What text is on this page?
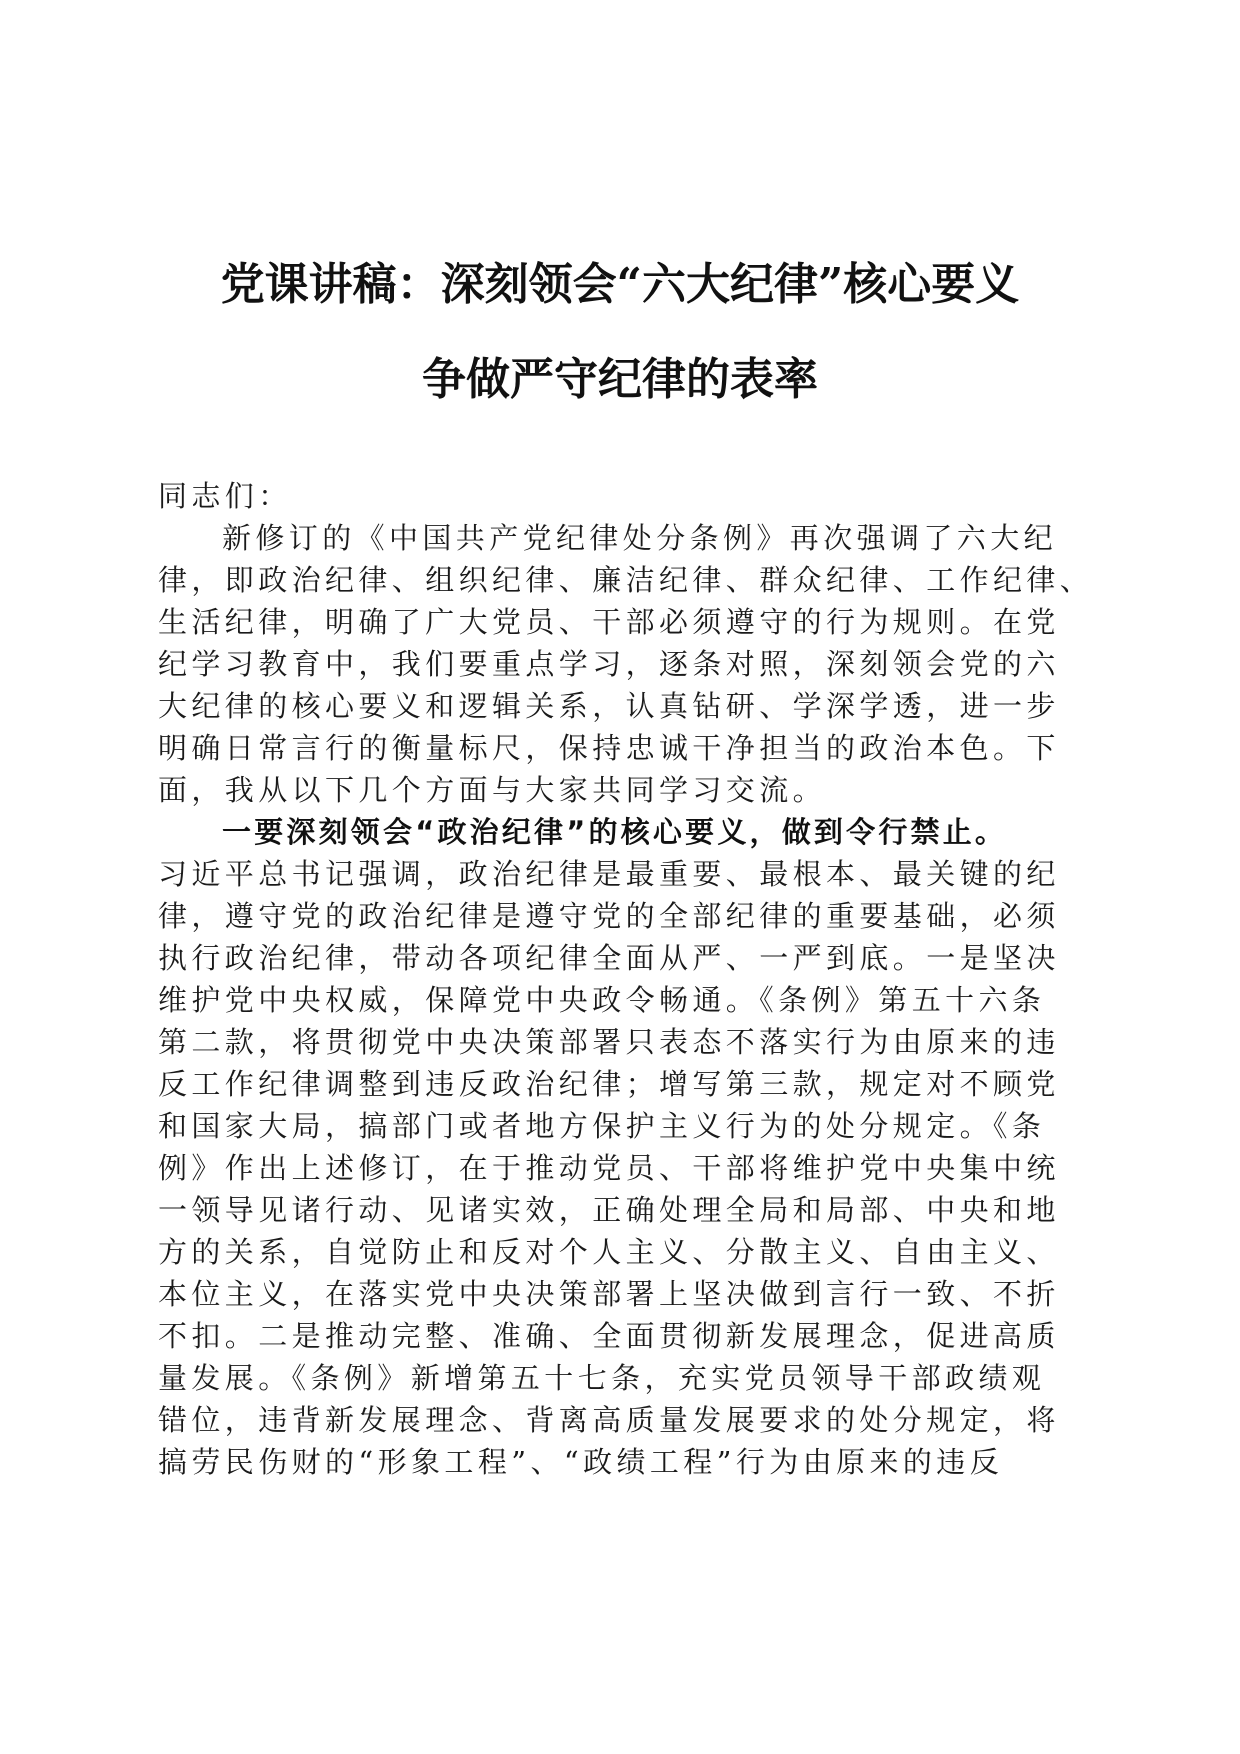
党课讲稿：深刻领会“六大纪律”核心要义
争做严守纪律的表率
同志们：
新修订的《中国共产党纪律处分条例》再次强调了六大纪
律，即政治纪律、组织纪律、廉洁纪律、群众纪律、工作纪律、
生活纪律，明确了广大党员、干部必须遵守的行为规则。在党
纪学习教育中，我们要重点学习，逐条对照，深刻领会党的六
大纪律的核心要义和逻辑关系，认真钻研、学深学透，进一步
明确日常言行的衡量标尺，保持忠诚干净担当的政治本色。下
面，我从以下几个方面与大家共同学习交流。
一要深刻领会“政治纪律”的核心要义，做到令行禁止。
习近平总书记强调，政治纪律是最重要、最根本、最关键的纪
律，遵守党的政治纪律是遵守党的全部纪律的重要基础，必须
执行政治纪律，带动各项纪律全面从严、一严到底。一是坚决
维护党中央权威，保障党中央政令畅通。《条例》第五十六条
第二款，将贯彻党中央决策部署只表态不落实行为由原来的违
反工作纪律调整到违反政治纪律；增写第三款，规定对不顾党
和国家大局，搞部门或者地方保护主义行为的处分规定。《条
例》作出上述修订，在于推动党员、干部将维护党中央集中统
一领导见诸行动、见诸实效，正确处理全局和局部、中央和地
方的关系，自觉防止和反对个人主义、分散主义、自由主义、
本位主义，在落实党中央决策部署上坚决做到言行一致、不折
不扣。二是推动完整、准确、全面贯彻新发展理念，促进高质
量发展。《条例》新增第五十七条，充实党员领导干部政绩观
错位，违背新发展理念、背离高质量发展要求的处分规定，将
搞劳民伤财的“形象工程”、“政绩工程”行为由原来的违反
